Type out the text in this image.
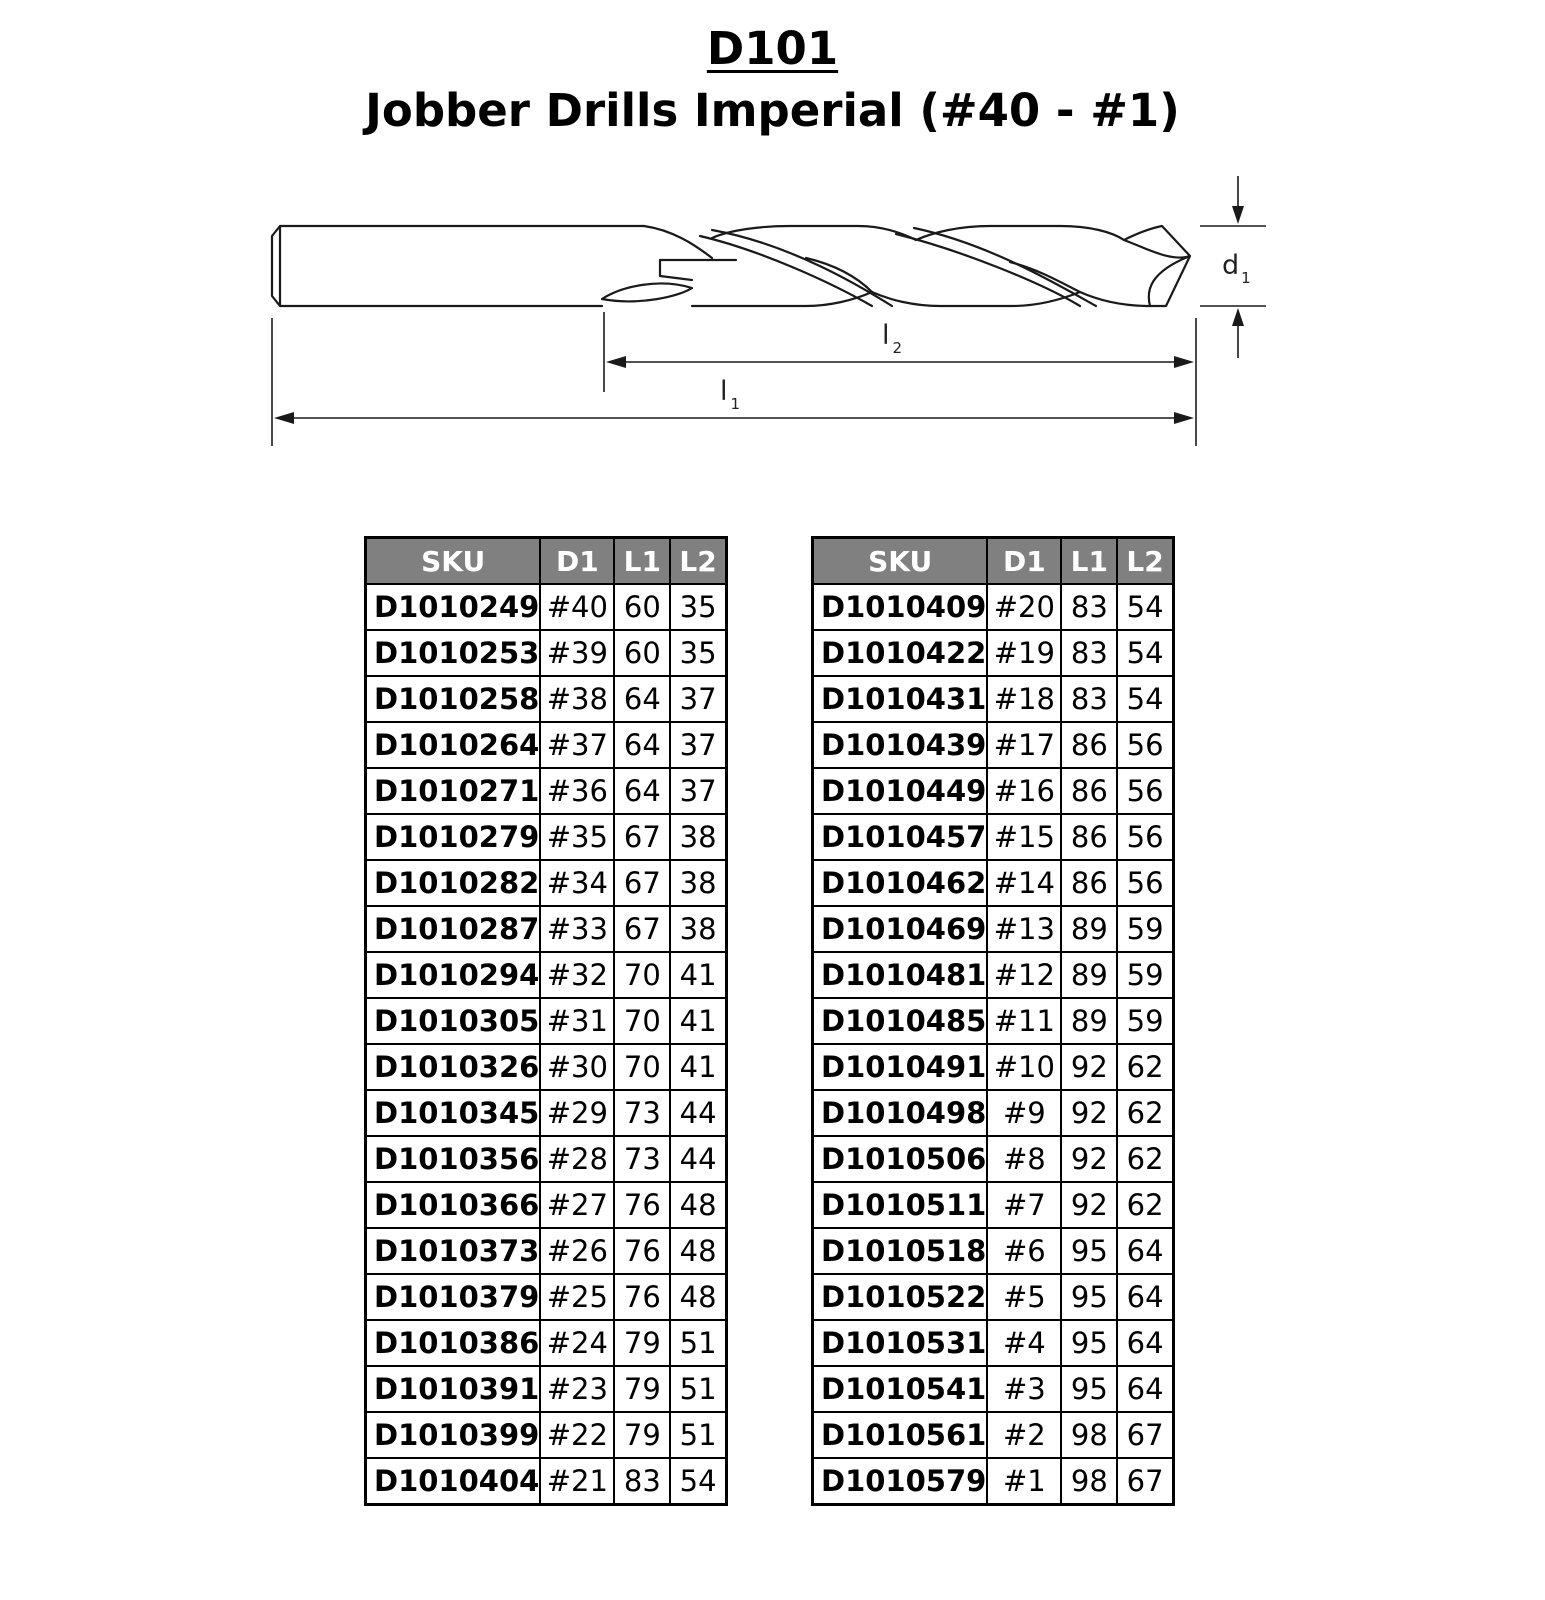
D101

Jobber Drills Imperial (#40 - #1)

d $_1$
l $_2$
l $_1$
SKU	D1	L1	L2
D1010249	#40	60	35
D1010253	#39	60	35
D1010258	#38	64	37
D1010264	#37	64	37
D1010271	#36	64	37
D1010279	#35	67	38
D1010282	#34	67	38
D1010287	#33	67	38
D1010294	#32	70	41
D1010305	#31	70	41
D1010326	#30	70	41
D1010345	#29	73	44
D1010356	#28	73	44
D1010366	#27	76	48
D1010373	#26	76	48
D1010379	#25	76	48
D1010386	#24	79	51
D1010391	#23	79	51
D1010399	#22	79	51
D1010404	#21	83	54
SKU	D1	L1	L2
D1010409	#20	83	54
D1010422	#19	83	54
D1010431	#18	83	54
D1010439	#17	86	56
D1010449	#16	86	56
D1010457	#15	86	56
D1010462	#14	86	56
D1010469	#13	89	59
D1010481	#12	89	59
D1010485	#11	89	59
D1010491	#10	92	62
D1010498	#9	92	62
D1010506	#8	92	62
D1010511	#7	92	62
D1010518	#6	95	64
D1010522	#5	95	64
D1010531	#4	95	64
D1010541	#3	95	64
D1010561	#2	98	67
D1010579	#1	98	67
